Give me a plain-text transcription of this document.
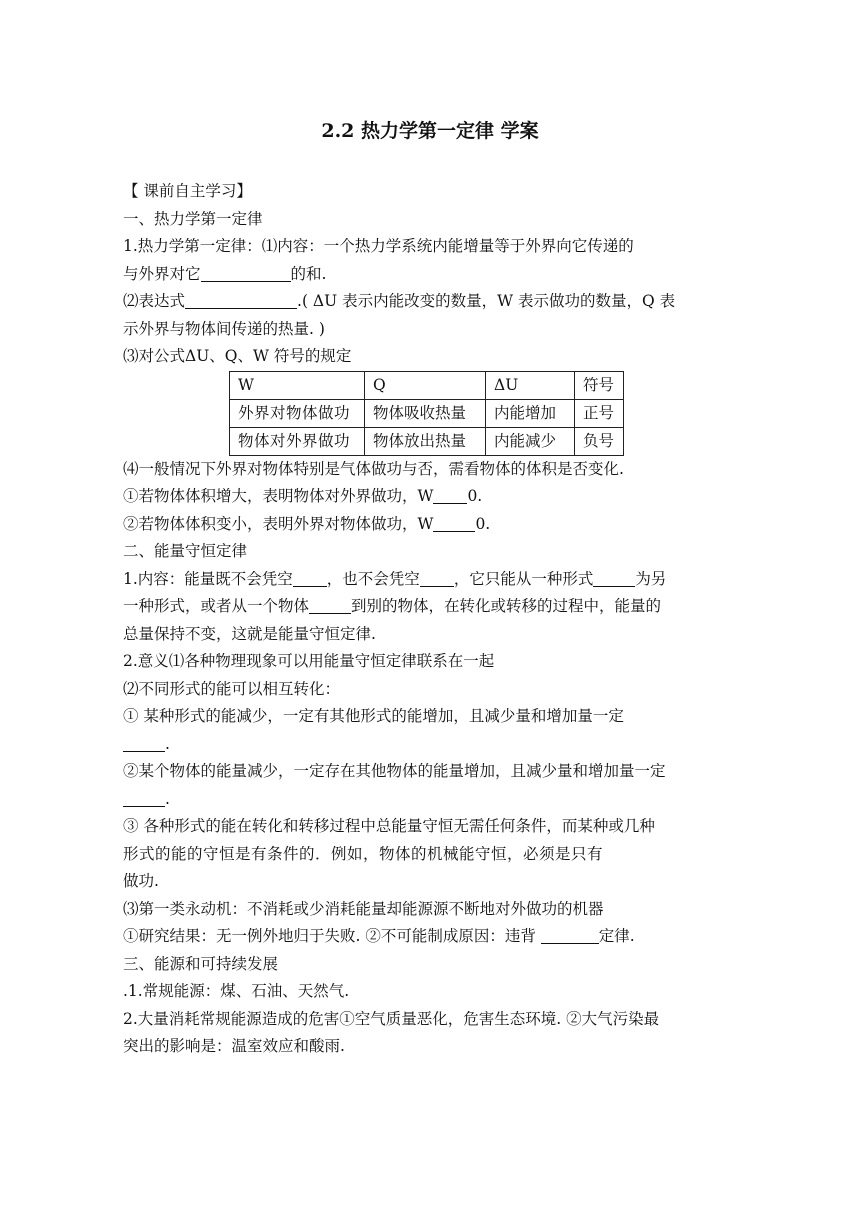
2.2 热力学第一定律 学案
【 课前自主学习】
一、热力学第一定律
1.热力学第一定律：⑴内容：一个热力学系统内能增量等于外界向它传递的
与外界对它	的和.
⑵表达式	.( ΔU 表示内能改变的数量，W 表示做功的数量，Q 表
示外界与物体间传递的热量. )
⑶对公式ΔU、Q、W 符号的规定
W	Q	ΔU	符号
外界对物体做功	物体吸收热量	内能增加	正号
物体对外界做功	物体放出热量	内能减少	负号
⑷一般情况下外界对物体特别是气体做功与否，需看物体的体积是否变化.
①若物体体积增大，表明物体对外界做功，W 0.
②若物体体积变小，表明外界对物体做功，W	0.
二、能量守恒定律
1.内容：能量既不会凭空 ，也不会凭空 ，它只能从一种形式	为另
一种形式，或者从一个物体	到别的物体，在转化或转移的过程中，能量的
总量保持不变，这就是能量守恒定律.
2.意义⑴各种物理现象可以用能量守恒定律联系在一起
⑵不同形式的能可以相互转化：
① 某种形式的能减少，一定有其他形式的能增加，且减少量和增加量一定
.
②某个物体的能量减少，一定存在其他物体的能量增加，且减少量和增加量一定
.
③ 各种形式的能在转化和转移过程中总能量守恒无需任何条件，而某种或几种
形式的能的守恒是有条件的．例如，物体的机械能守恒，必须是只有
做功.
⑶第一类永动机：不消耗或少消耗能量却能源源不断地对外做功的机器
①研究结果：无一例外地归于失败. ②不可能制成原因：违背	定律.
三、能源和可持续发展
.1.常规能源：煤、石油、天然气.
2.大量消耗常规能源造成的危害①空气质量恶化，危害生态环境. ②大气污染最
突出的影响是：温室效应和酸雨.
